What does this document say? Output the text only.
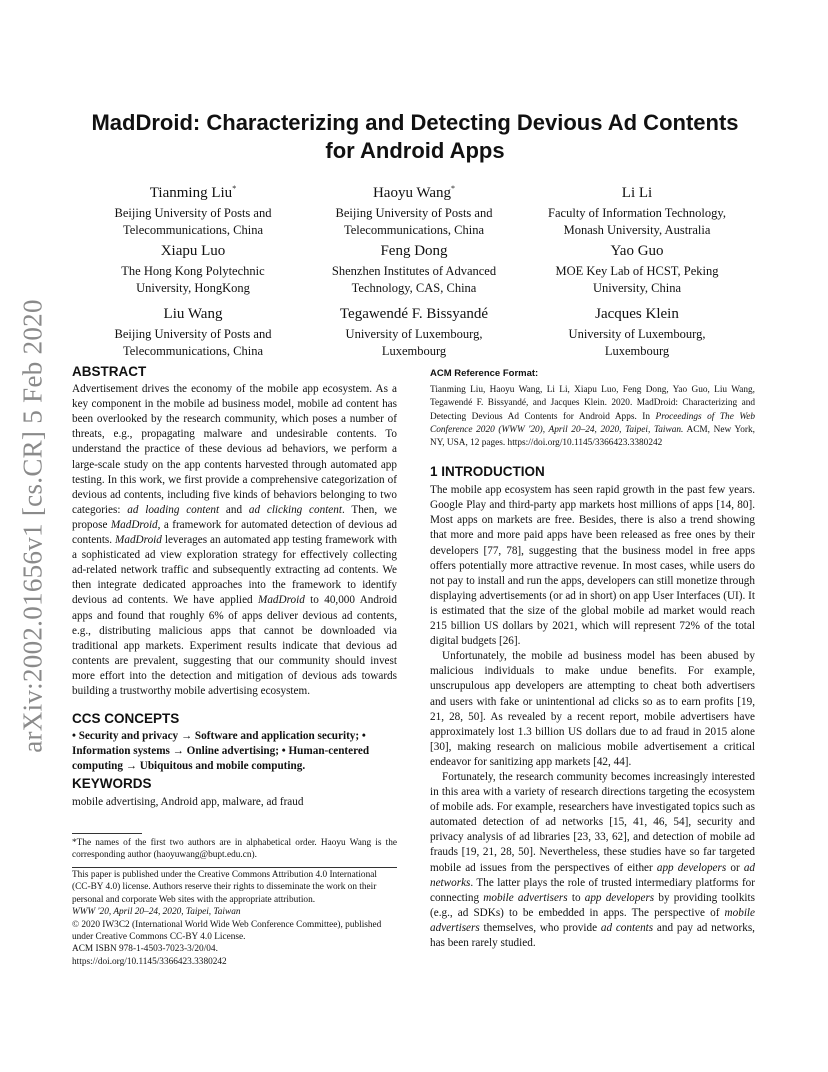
arXiv:2002.01656v1 [cs.CR] 5 Feb 2020
MadDroid: Characterizing and Detecting Devious Ad Contents
for Android Apps
Tianming Liu*
Beijing University of Posts and
Telecommunications, China
Haoyu Wang*
Beijing University of Posts and
Telecommunications, China
Li Li
Faculty of Information Technology,
Monash University, Australia
Xiapu Luo
The Hong Kong Polytechnic
University, HongKong
Feng Dong
Shenzhen Institutes of Advanced
Technology, CAS, China
Yao Guo
MOE Key Lab of HCST, Peking
University, China
Liu Wang
Beijing University of Posts and
Telecommunications, China
Tegawendé F. Bissyandé
University of Luxembourg,
Luxembourg
Jacques Klein
University of Luxembourg,
Luxembourg
ABSTRACT

Advertisement drives the economy of the mobile app ecosystem. As a key component in the mobile ad business model, mobile ad content has been overlooked by the research community, which poses a number of threats, e.g., propagating malware and undesirable contents. To understand the practice of these devious ad behaviors, we perform a large-scale study on the app contents harvested through automated app testing. In this work, we first provide a comprehensive categorization of devious ad contents, including five kinds of behaviors belonging to two categories: ad loading content and ad clicking content. Then, we propose MadDroid, a framework for automated detection of devious ad contents. MadDroid leverages an automated app testing framework with a sophisticated ad view exploration strategy for effectively collecting ad-related network traffic and subsequently extracting ad contents. We then integrate dedicated approaches into the framework to identify devious ad contents. We have applied MadDroid to 40,000 Android apps and found that roughly 6% of apps deliver devious ad contents, e.g., distributing malicious apps that cannot be downloaded via traditional app markets. Experiment results indicate that devious ad contents are prevalent, suggesting that our community should invest more effort into the detection and mitigation of devious ads towards building a trustworthy mobile advertising ecosystem.

CCS CONCEPTS

• Security and privacy → Software and application security; • Information systems → Online advertising; • Human-centered computing → Ubiquitous and mobile computing.

KEYWORDS

mobile advertising, Android app, malware, ad fraud

*The names of the first two authors are in alphabetical order. Haoyu Wang is the corresponding author (haoyuwang@bupt.edu.cn).

This paper is published under the Creative Commons Attribution 4.0 International (CC-BY 4.0) license. Authors reserve their rights to disseminate the work on their personal and corporate Web sites with the appropriate attribution.

WWW '20, April 20–24, 2020, Taipei, Taiwan

© 2020 IW3C2 (International World Wide Web Conference Committee), published under Creative Commons CC-BY 4.0 License.

ACM ISBN 978-1-4503-7023-3/20/04.

https://doi.org/10.1145/3366423.3380242

ACM Reference Format:

Tianming Liu, Haoyu Wang, Li Li, Xiapu Luo, Feng Dong, Yao Guo, Liu Wang, Tegawendé F. Bissyandé, and Jacques Klein. 2020. MadDroid: Characterizing and Detecting Devious Ad Contents for Android Apps. In Proceedings of The Web Conference 2020 (WWW '20), April 20–24, 2020, Taipei, Taiwan. ACM, New York, NY, USA, 12 pages. https://doi.org/10.1145/3366423.3380242

1 INTRODUCTION

The mobile app ecosystem has seen rapid growth in the past few years. Google Play and third-party app markets host millions of apps [14, 80]. Most apps on markets are free. Besides, there is also a trend showing that more and more paid apps have been released as free ones by their developers [77, 78], suggesting that the business model in free apps offers potentially more attractive revenue. In most cases, while users do not pay to install and run the apps, developers can still monetize through displaying advertisements (or ad in short) on app User Interfaces (UI). It is estimated that the size of the global mobile ad market would reach 215 billion US dollars by 2021, which will represent 72% of the total digital budgets [26].

Unfortunately, the mobile ad business model has been abused by malicious individuals to make undue benefits. For example, unscrupulous app developers are attempting to cheat both advertisers and users with fake or unintentional ad clicks so as to earn profits [19, 21, 28, 50]. As revealed by a recent report, mobile advertisers have approximately lost 1.3 billion US dollars due to ad fraud in 2015 alone [30], making research on malicious mobile advertisement a critical endeavor for sanitizing app markets [42, 44].

Fortunately, the research community becomes increasingly interested in this area with a variety of research directions targeting the ecosystem of mobile ads. For example, researchers have investigated topics such as automated detection of ad networks [15, 41, 46, 54], security and privacy analysis of ad libraries [23, 33, 62], and detection of mobile ad frauds [19, 21, 28, 50]. Nevertheless, these studies have so far targeted mobile ad issues from the perspectives of either app developers or ad networks. The latter plays the role of trusted intermediary platforms for connecting mobile advertisers to app developers by providing toolkits (e.g., ad SDKs) to be embedded in apps. The perspective of mobile advertisers themselves, who provide ad contents and pay ad networks, has been rarely studied.
